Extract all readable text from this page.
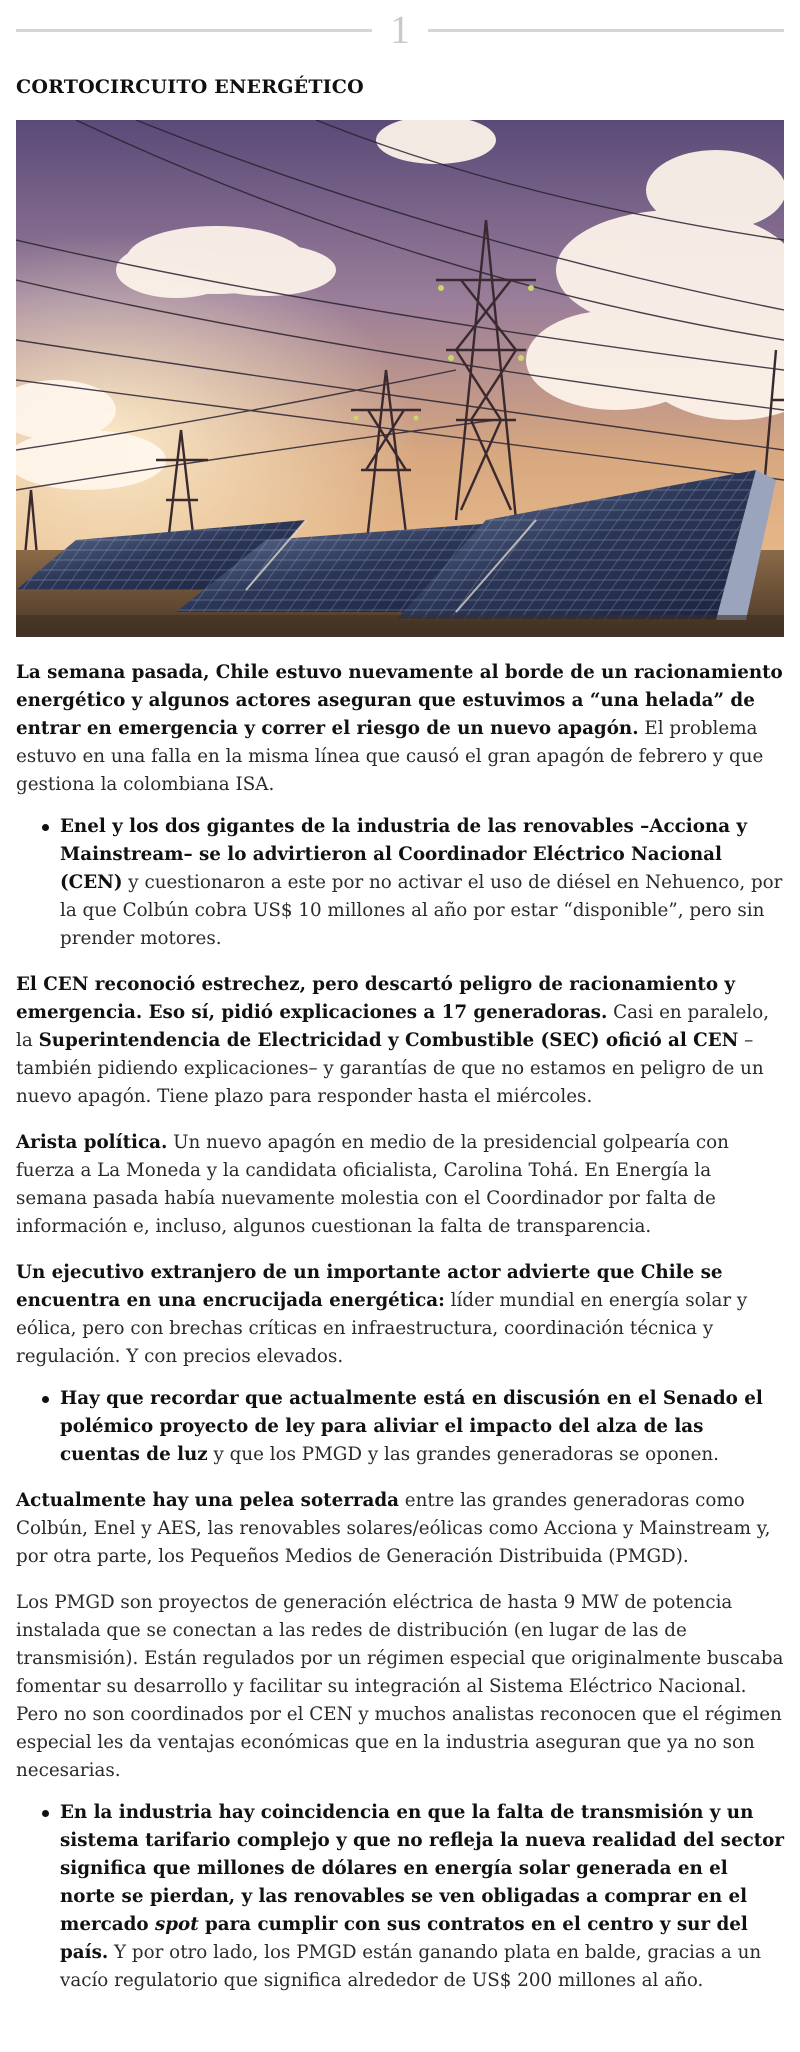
1
CORTOCIRCUITO ENERGÉTICO

La semana pasada, Chile estuvo nuevamente al borde de un racionamiento energético y algunos actores aseguran que estuvimos a “una helada” de entrar en emergencia y correr el riesgo de un nuevo apagón. El problema estuvo en una falla en la misma línea que causó el gran apagón de febrero y que gestiona la colombiana ISA.

Enel y los dos gigantes de la industria de las renovables –Acciona y Mainstream– se lo advirtieron al Coordinador Eléctrico Nacional (CEN) y cuestionaron a este por no activar el uso de diésel en Nehuenco, por la que Colbún cobra US$ 10 millones al año por estar “disponible”, pero sin prender motores.

El CEN reconoció estrechez, pero descartó peligro de racionamiento y emergencia. Eso sí, pidió explicaciones a 17 generadoras. Casi en paralelo, la Superintendencia de Electricidad y Combustible (SEC) ofició al CEN –también pidiendo explicaciones– y garantías de que no estamos en peligro de un nuevo apagón. Tiene plazo para responder hasta el miércoles.

Arista política. Un nuevo apagón en medio de la presidencial golpearía con fuerza a La Moneda y la candidata oficialista, Carolina Tohá. En Energía la semana pasada había nuevamente molestia con el Coordinador por falta de información e, incluso, algunos cuestionan la falta de transparencia.

Un ejecutivo extranjero de un importante actor advierte que Chile se encuentra en una encrucijada energética: líder mundial en energía solar y eólica, pero con brechas críticas en infraestructura, coordinación técnica y regulación. Y con precios elevados.

Hay que recordar que actualmente está en discusión en el Senado el polémico proyecto de ley para aliviar el impacto del alza de las cuentas de luz y que los PMGD y las grandes generadoras se oponen.

Actualmente hay una pelea soterrada entre las grandes generadoras como Colbún, Enel y AES, las renovables solares/eólicas como Acciona y Mainstream y, por otra parte, los Pequeños Medios de Generación Distribuida (PMGD).

Los PMGD son proyectos de generación eléctrica de hasta 9 MW de potencia instalada que se conectan a las redes de distribución (en lugar de las de transmisión). Están regulados por un régimen especial que originalmente buscaba fomentar su desarrollo y facilitar su integración al Sistema Eléctrico Nacional. Pero no son coordinados por el CEN y muchos analistas reconocen que el régimen especial les da ventajas económicas que en la industria aseguran que ya no son necesarias.

En la industria hay coincidencia en que la falta de transmisión y un sistema tarifario complejo y que no refleja la nueva realidad del sector significa que millones de dólares en energía solar generada en el norte se pierdan, y las renovables se ven obligadas a comprar en el mercado spot para cumplir con sus contratos en el centro y sur del país. Y por otro lado, los PMGD están ganando plata en balde, gracias a un vacío regulatorio que significa alrededor de US$ 200 millones al año.
